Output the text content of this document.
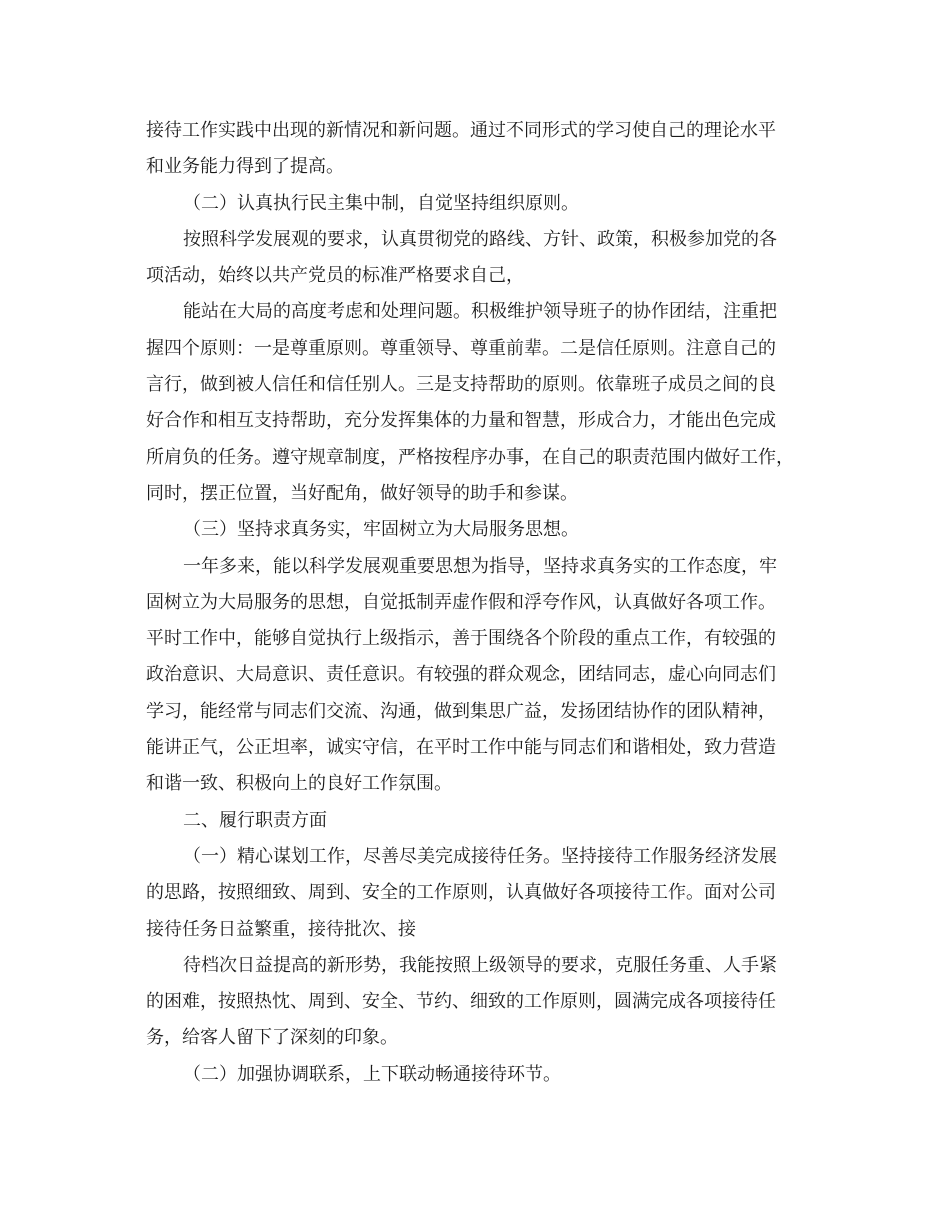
接待工作实践中出现的新情况和新问题。通过不同形式的学习使自己的理论水平
和业务能力得到了提高。
（二）认真执行民主集中制，自觉坚持组织原则。
按照科学发展观的要求，认真贯彻党的路线、方针、政策，积极参加党的各
项活动，始终以共产党员的标准严格要求自己，
能站在大局的高度考虑和处理问题。积极维护领导班子的协作团结，注重把
握四个原则：一是尊重原则。尊重领导、尊重前辈。二是信任原则。注意自己的
言行，做到被人信任和信任别人。三是支持帮助的原则。依靠班子成员之间的良
好合作和相互支持帮助，充分发挥集体的力量和智慧，形成合力，才能出色完成
所肩负的任务。遵守规章制度，严格按程序办事，在自己的职责范围内做好工作，
同时，摆正位置，当好配角，做好领导的助手和参谋。
（三）坚持求真务实，牢固树立为大局服务思想。
一年多来，能以科学发展观重要思想为指导，坚持求真务实的工作态度，牢
固树立为大局服务的思想，自觉抵制弄虚作假和浮夸作风，认真做好各项工作。
平时工作中，能够自觉执行上级指示，善于围绕各个阶段的重点工作，有较强的
政治意识、大局意识、责任意识。有较强的群众观念，团结同志，虚心向同志们
学习，能经常与同志们交流、沟通，做到集思广益，发扬团结协作的团队精神，
能讲正气，公正坦率，诚实守信，在平时工作中能与同志们和谐相处，致力营造
和谐一致、积极向上的良好工作氛围。
二、履行职责方面
（一）精心谋划工作，尽善尽美完成接待任务。坚持接待工作服务经济发展
的思路，按照细致、周到、安全的工作原则，认真做好各项接待工作。面对公司
接待任务日益繁重，接待批次、接
待档次日益提高的新形势，我能按照上级领导的要求，克服任务重、人手紧
的困难，按照热忱、周到、安全、节约、细致的工作原则，圆满完成各项接待任
务，给客人留下了深刻的印象。
（二）加强协调联系，上下联动畅通接待环节。
